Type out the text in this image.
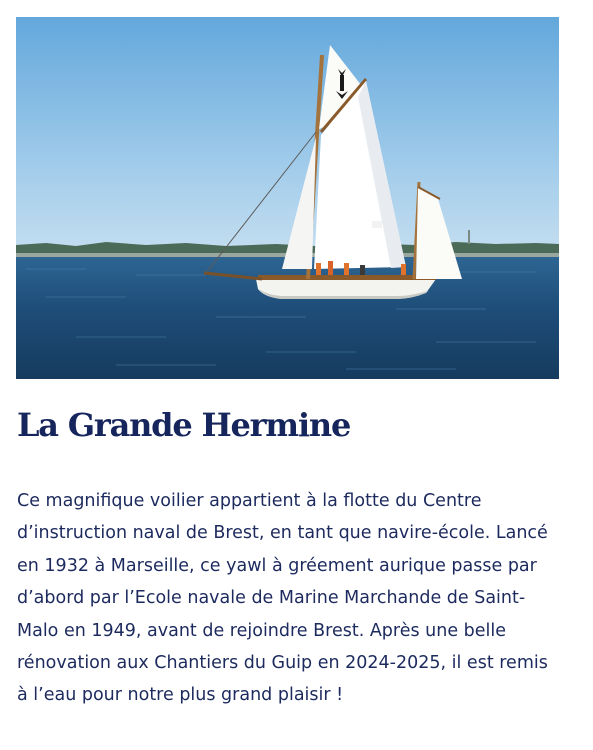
La Grande Hermine
Ce magnifique voilier appartient à la flotte du Centre d’instruction naval de Brest, en tant que navire-école. Lancé en 1932 à Marseille, ce yawl à gréement aurique passe par d’abord par l’Ecole navale de Marine Marchande de Saint-Malo en 1949, avant de rejoindre Brest. Après une belle rénovation aux Chantiers du Guip en 2024-2025, il est remis à l’eau pour notre plus grand plaisir !
